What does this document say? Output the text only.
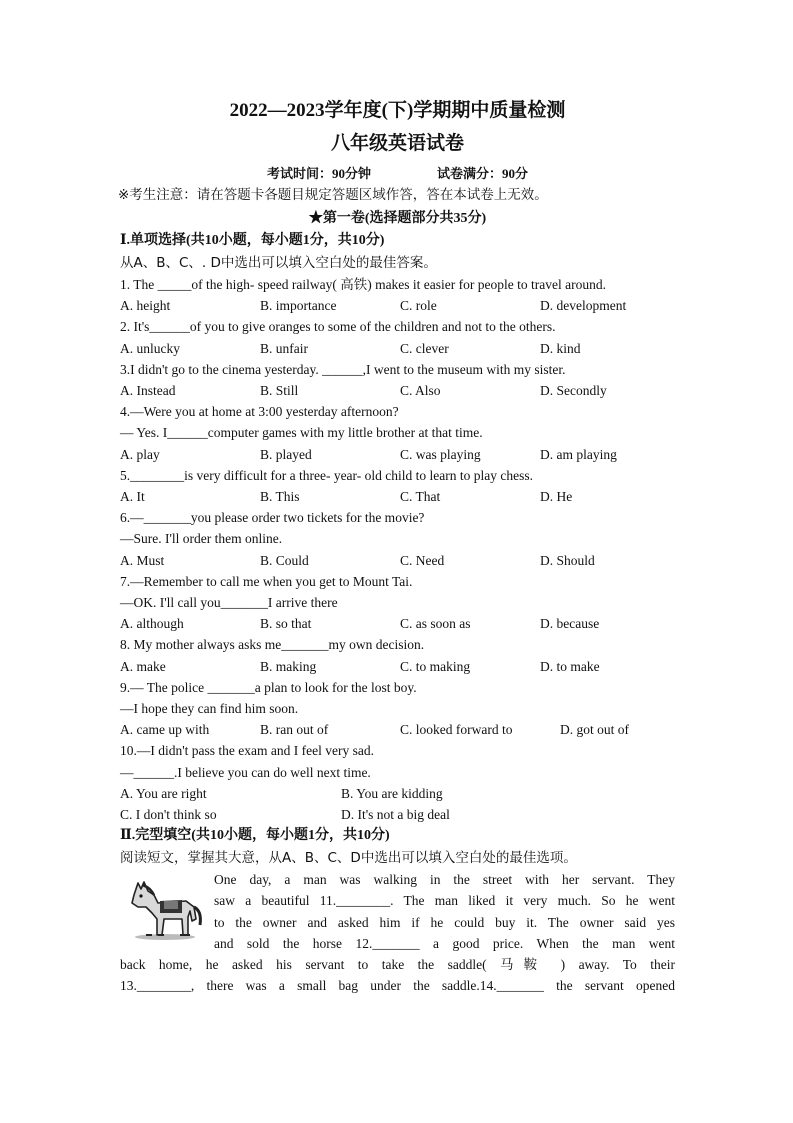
2022—2023学年度(下)学期期中质量检测
八年级英语试卷
考试时间：90分钟	试卷满分：90分
※考生注意：请在答题卡各题目规定答题区域作答，答在本试卷上无效。
★第一卷(选择题部分共35分)
Ⅰ.单项选择(共10小题，每小题1分，共10分)
从A、B、C、. D中选出可以填入空白处的最佳答案。
1. The _____of the high- speed railway( 高铁) makes it easier for people to travel around.
A. height	B. importance	C. role	D. development
2. It's______of you to give oranges to some of the children and not to the others.
A. unlucky	B. unfair	C. clever	D. kind
3.I didn't go to the cinema yesterday. ______,I went to the museum with my sister.
A. Instead	B. Still	C. Also	D. Secondly
4.—Were you at home at 3:00 yesterday afternoon?
— Yes. I______computer games with my little brother at that time.
A. play	B. played	C. was playing	D. am playing
5.________is very difficult for a three- year- old child to learn to play chess.
A. It	B. This	C. That	D. He
6.—_______you please order two tickets for the movie?
—Sure. I'll order them online.
A. Must	B. Could	C. Need	D. Should
7.—Remember to call me when you get to Mount Tai.
—OK. I'll call you_______I arrive there
A. although	B. so that	C. as soon as	D. because
8. My mother always asks me_______my own decision.
A. make	B. making	C. to making	D. to make
9.— The police _______a plan to look for the lost boy.
—I hope they can find him soon.
A. came up with	B. ran out of	C. looked forward to	D. got out of
10.—I didn't pass the exam and I feel very sad.
—______.I believe you can do well next time.
A. You are right	B. You are kidding
C. I don't think so	D. It's not a big deal
Ⅱ.完型填空(共10小题，每小题1分，共10分)
阅读短文，掌握其大意，从A、B、C、D中选出可以填入空白处的最佳选项。
One day, a man was walking in the street with her servant. They
saw a beautiful 11.________. The man liked it very much. So he went
to the owner and asked him if he could buy it. The owner said yes
and sold the horse 12._______ a good price. When the man went
back home, he asked his servant to take the saddle( 马鞍 ) away. To their
13.________, there was a small bag under the saddle.14._______ the servant opened
